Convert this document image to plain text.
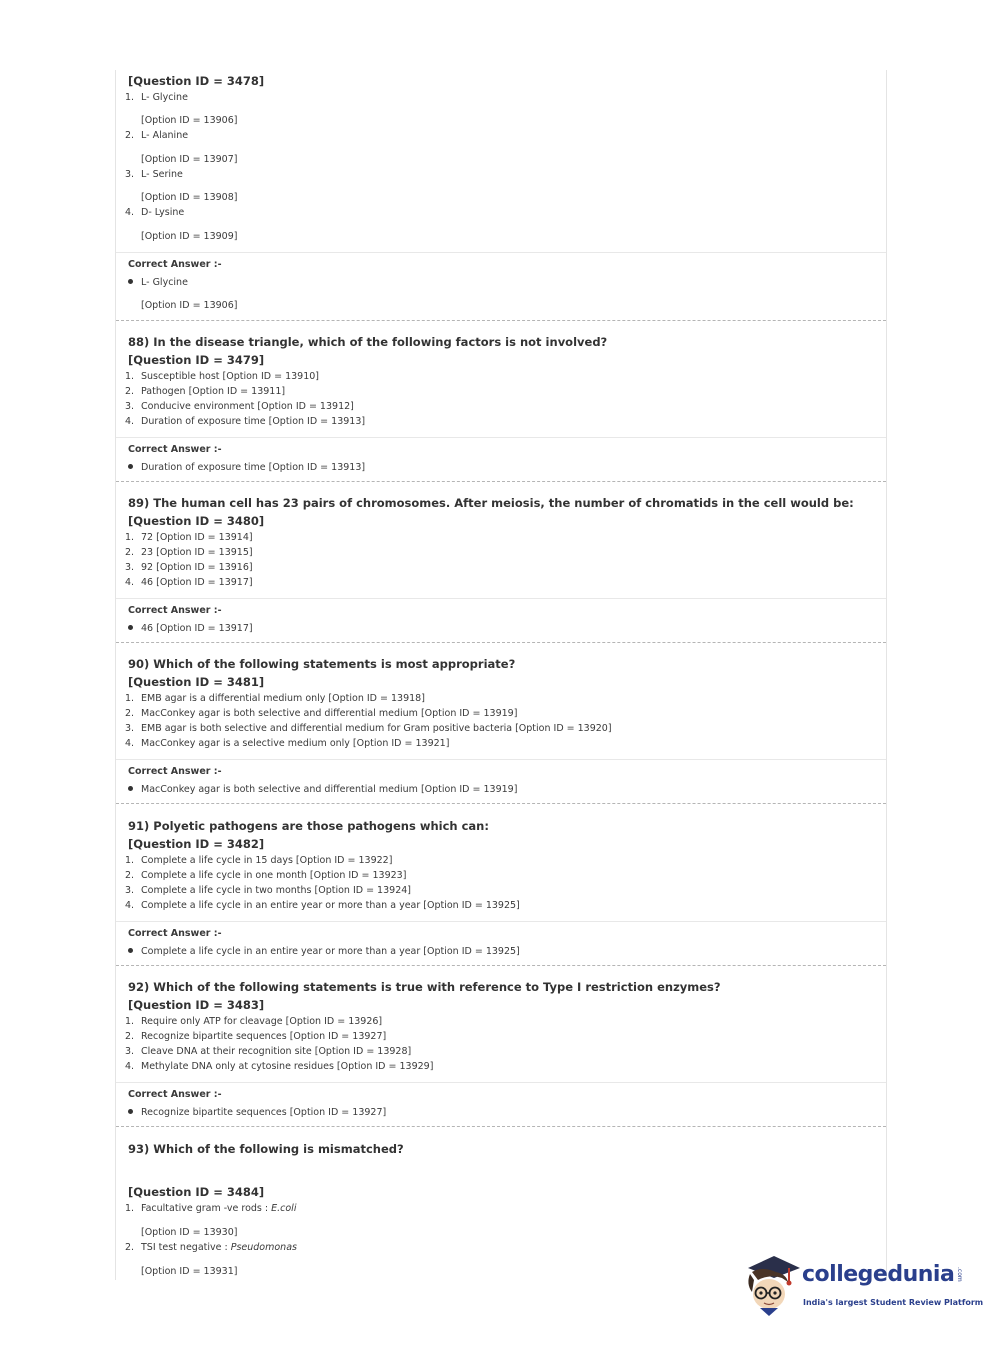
[Question ID = 3478]
1. L- Glycine
[Option ID = 13906]
2. L- Alanine
[Option ID = 13907]
3. L- Serine
[Option ID = 13908]
4. D- Lysine
[Option ID = 13909]
Correct Answer :-
L- Glycine
[Option ID = 13906]
88) In the disease triangle, which of the following factors is not involved?
[Question ID = 3479]
1. Susceptible host [Option ID = 13910]
2. Pathogen [Option ID = 13911]
3. Conducive environment [Option ID = 13912]
4. Duration of exposure time [Option ID = 13913]
Correct Answer :-
Duration of exposure time [Option ID = 13913]
89) The human cell has 23 pairs of chromosomes. After meiosis, the number of chromatids in the cell would be:
[Question ID = 3480]
1. 72 [Option ID = 13914]
2. 23 [Option ID = 13915]
3. 92 [Option ID = 13916]
4. 46 [Option ID = 13917]
Correct Answer :-
46 [Option ID = 13917]
90) Which of the following statements is most appropriate?
[Question ID = 3481]
1. EMB agar is a differential medium only [Option ID = 13918]
2. MacConkey agar is both selective and differential medium [Option ID = 13919]
3. EMB agar is both selective and differential medium for Gram positive bacteria [Option ID = 13920]
4. MacConkey agar is a selective medium only [Option ID = 13921]
Correct Answer :-
MacConkey agar is both selective and differential medium [Option ID = 13919]
91) Polyetic pathogens are those pathogens which can:
[Question ID = 3482]
1. Complete a life cycle in 15 days [Option ID = 13922]
2. Complete a life cycle in one month [Option ID = 13923]
3. Complete a life cycle in two months [Option ID = 13924]
4. Complete a life cycle in an entire year or more than a year [Option ID = 13925]
Correct Answer :-
Complete a life cycle in an entire year or more than a year [Option ID = 13925]
92) Which of the following statements is true with reference to Type I restriction enzymes?
[Question ID = 3483]
1. Require only ATP for cleavage [Option ID = 13926]
2. Recognize bipartite sequences [Option ID = 13927]
3. Cleave DNA at their recognition site [Option ID = 13928]
4. Methylate DNA only at cytosine residues [Option ID = 13929]
Correct Answer :-
Recognize bipartite sequences [Option ID = 13927]
93) Which of the following is mismatched?
[Question ID = 3484]
1. Facultative gram -ve rods : E.coli
[Option ID = 13930]
2. TSI test negative : Pseudomonas
[Option ID = 13931]	collegedunia .com
India's largest Student Review Platform
